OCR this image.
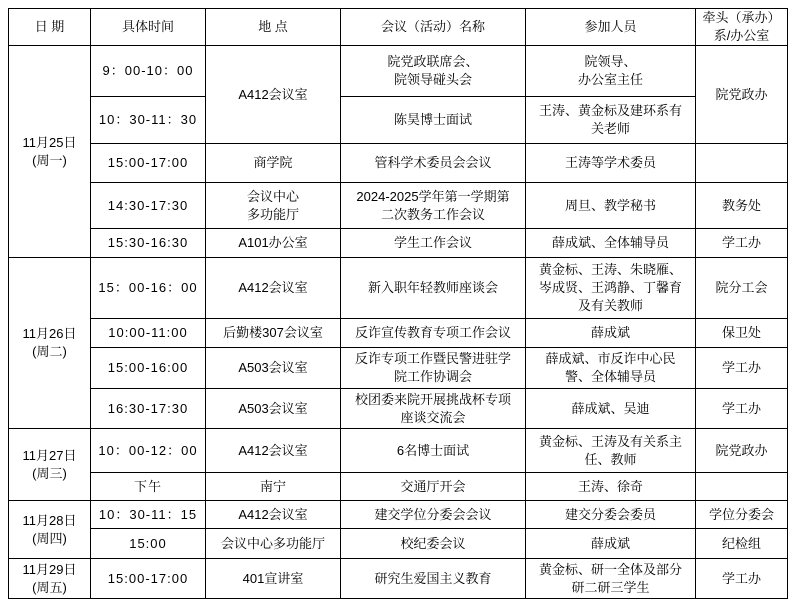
日 期	具体时间	地 点	会议（活动）名称	参加人员	牵头（承办）
系/办公室
11月25日
(周一)	9：00-10：00	A412会议室	院党政联席会、
院领导碰头会	院领导、
办公室主任	院党政办
	10：30-11：30		陈昊博士面试	王涛、黄金标及建环系有
关老师	
	15:00-17:00	商学院	管科学术委员会会议	王涛等学术委员	
	14:30-17:30	会议中心
多功能厅	2024-2025学年第一学期第
二次教务工作会议	周旦、教学秘书	教务处
	15:30-16:30	A101办公室	学生工作会议	薛成斌、全体辅导员	学工办
11月26日
(周二)	15：00-16：00	A412会议室	新入职年轻教师座谈会	黄金标、王涛、朱晓雁、
岑成贤、王鸿静、丁馨育
及有关教师	院分工会
	10:00-11:00	后勤楼307会议室	反诈宣传教育专项工作会议	薛成斌	保卫处
	15:00-16:00	A503会议室	反诈专项工作暨民警进驻学
院工作协调会	薛成斌、市反诈中心民
警、全体辅导员	学工办
	16:30-17:30	A503会议室	校团委来院开展挑战杯专项
座谈交流会	薛成斌、吴迪	学工办
11月27日
(周三)	10：00-12：00	A412会议室	6名博士面试	黄金标、王涛及有关系主
任、教师	院党政办
	下午	南宁	交通厅开会	王涛、徐奇	
11月28日
(周四)	10：30-11：15	A412会议室	建交学位分委会会议	建交分委会委员	学位分委会
	15:00	会议中心多功能厅	校纪委会议	薛成斌	纪检组
11月29日
(周五)	15:00-17:00	401宣讲室	研究生爱国主义教育	黄金标、研一全体及部分
研二研三学生	学工办
